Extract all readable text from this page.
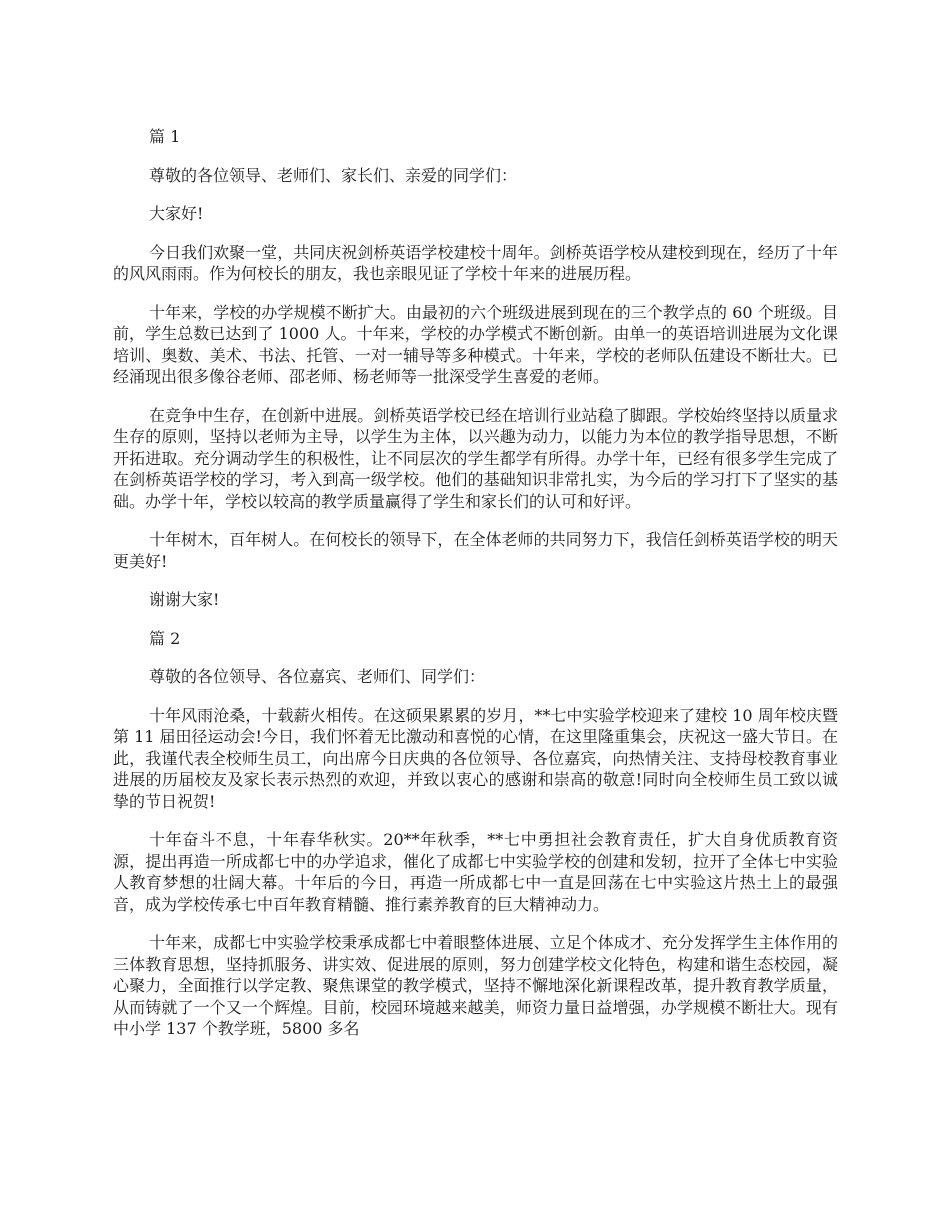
篇 1

尊敬的各位领导、老师们、家长们、亲爱的同学们：

大家好!

今日我们欢聚一堂，共同庆祝剑桥英语学校建校十周年。剑桥英语学校从建校到现在，经历了十年的风风雨雨。作为何校长的朋友，我也亲眼见证了学校十年来的进展历程。

十年来，学校的办学规模不断扩大。由最初的六个班级进展到现在的三个教学点的 60 个班级。目前，学生总数已达到了 1000 人。十年来，学校的办学模式不断创新。由单一的英语培训进展为文化课培训、奥数、美术、书法、托管、一对一辅导等多种模式。十年来，学校的老师队伍建设不断壮大。已经涌现出很多像谷老师、邵老师、杨老师等一批深受学生喜爱的老师。

在竞争中生存，在创新中进展。剑桥英语学校已经在培训行业站稳了脚跟。学校始终坚持以质量求生存的原则，坚持以老师为主导，以学生为主体，以兴趣为动力，以能力为本位的教学指导思想，不断开拓进取。充分调动学生的积极性，让不同层次的学生都学有所得。办学十年，已经有很多学生完成了在剑桥英语学校的学习，考入到高一级学校。他们的基础知识非常扎实，为今后的学习打下了坚实的基础。办学十年，学校以较高的教学质量赢得了学生和家长们的认可和好评。

十年树木，百年树人。在何校长的领导下，在全体老师的共同努力下，我信任剑桥英语学校的明天更美好!

谢谢大家!

篇 2

尊敬的各位领导、各位嘉宾、老师们、同学们：

十年风雨沧桑，十载薪火相传。在这硕果累累的岁月，**七中实验学校迎来了建校 10 周年校庆暨第 11 届田径运动会!今日，我们怀着无比激动和喜悦的心情，在这里隆重集会，庆祝这一盛大节日。在此，我谨代表全校师生员工，向出席今日庆典的各位领导、各位嘉宾，向热情关注、支持母校教育事业进展的历届校友及家长表示热烈的欢迎，并致以衷心的感谢和崇高的敬意!同时向全校师生员工致以诚挚的节日祝贺!

十年奋斗不息，十年春华秋实。20**年秋季，**七中勇担社会教育责任，扩大自身优质教育资源，提出再造一所成都七中的办学追求，催化了成都七中实验学校的创建和发轫，拉开了全体七中实验人教育梦想的壮阔大幕。十年后的今日，再造一所成都七中一直是回荡在七中实验这片热土上的最强音，成为学校传承七中百年教育精髓、推行素养教育的巨大精神动力。

十年来，成都七中实验学校秉承成都七中着眼整体进展、立足个体成才、充分发挥学生主体作用的三体教育思想，坚持抓服务、讲实效、促进展的原则，努力创建学校文化特色，构建和谐生态校园，凝心聚力，全面推行以学定教、聚焦课堂的教学模式，坚持不懈地深化新课程改革，提升教育教学质量，从而铸就了一个又一个辉煌。目前，校园环境越来越美，师资力量日益增强，办学规模不断壮大。现有中小学 137 个教学班，5800 多名
